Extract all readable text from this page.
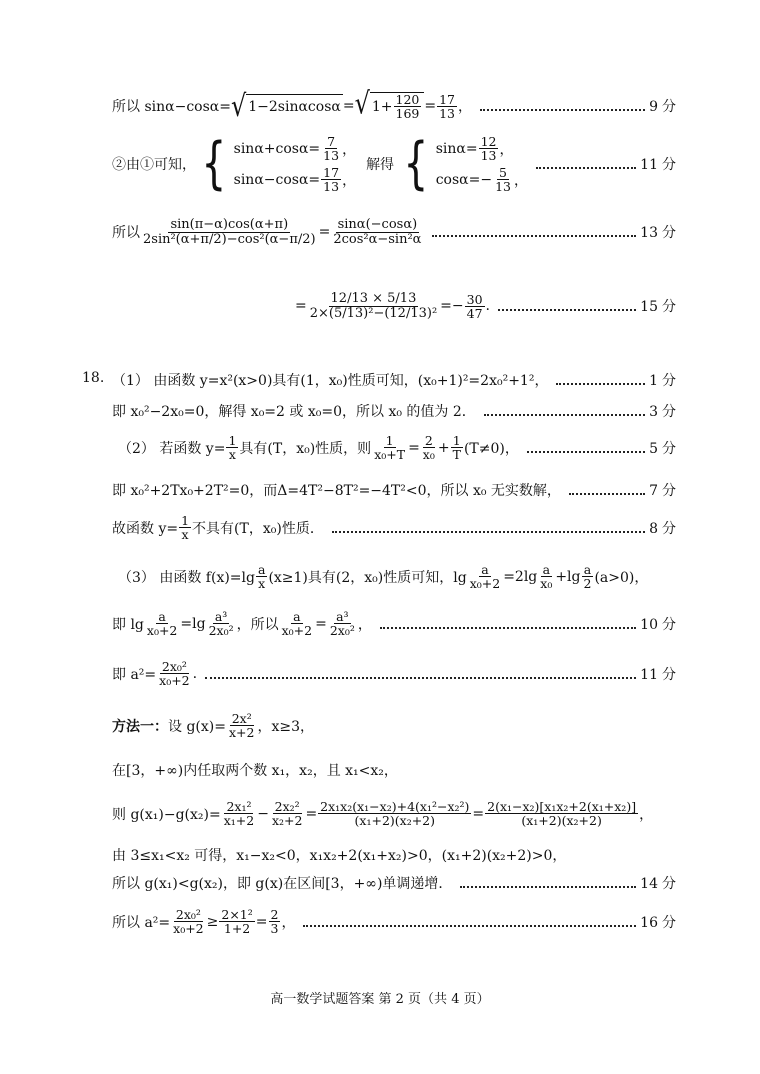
所以 sinα−cosα= √ 1−2sinαcosα = √ $1+ \frac{120}{169} = \frac{17}{13}$ ，	9 分
②由①可知， { $\sin\alpha+\cos\alpha= \frac{7}{13}$ ，
$\sin\alpha-\cos\alpha= \frac{17}{13}$ ，
解得 { $\sin\alpha= \frac{12}{13}$ ，
$\cos\alpha=- \frac{5}{13}$ ，
11 分
所以 $\frac{\sin(\pi-\alpha)\cos(\alpha+\pi)}{\text{2sin²(α+π/2)−cos²(α−π/2)}} = \frac{\sin\alpha(-\cos\alpha)}{\text{2cos²α−sin²α}}$	13 分
= $\frac{12/13 \times 5/13}{\text{2×(5/13)²−(12/13)²}} =- \frac{30}{47}$ .	15 分
18. （1） 由函数 y=x²(x>0)具有(1，x₀)性质可知，(x₀+1)²=2x₀²+1²，	1 分
即 x₀²−2x₀=0，解得 x₀=2 或 x₀=0，所以 x₀ 的值为 2．	3 分
（2） 若函数 $y= \frac{1}{x}$ 具有(T，x₀)性质，则 $\frac{1}{\text{x₀+T}} = \frac{2}{\text{x₀}} + \frac{1}{T} (T\ne 0)$，	5 分
即 x₀²+2Tx₀+2T²=0，而Δ=4T²−8T²=−4T²<0，所以 x₀ 无实数解，	7 分
故函数 $y= \frac{1}{x}$ 不具有(T，x₀)性质．	8 分
（3） 由函数 $f(x)=\lg \frac{a}{x} (x\ge 1)$具有(2，x₀)性质可知，$\lg \frac{a}{\text{x₀+2}} =2\lg \frac{a}{\text{x₀}} +\lg \frac{a}{2} (a>0)$，
即 $\lg \frac{a}{\text{x₀+2}} =\lg \frac{\text{a³}}{\text{2x₀²}}$ ，所以 $\frac{a}{\text{x₀+2}} = \frac{\text{a³}}{\text{2x₀²}}$ ，	10 分
即 $a^2= \frac{\text{2x₀²}}{\text{x₀+2}}$ .	11 分
方法一： 设 $g(x)= \frac{\text{2x²}}{x+2}$ ，x≥3，
在[3，+∞)内任取两个数 x₁，x₂，且 x₁<x₂，
则 $g(x_1)-g(x_2)= \frac{\text{2x₁²}}{\text{x₁+2}} - \frac{\text{2x₂²}}{\text{x₂+2}} = \frac{\text{2x₁x₂(x₁−x₂)+4(x₁²−x₂²)}}{\text{(x₁+2)(x₂+2)}} = \frac{\text{2(x₁−x₂)[x₁x₂+2(x₁+x₂)]}}{\text{(x₁+2)(x₂+2)}}$ ，
由 3≤x₁<x₂ 可得，x₁−x₂<0，x₁x₂+2(x₁+x₂)>0，(x₁+2)(x₂+2)>0，
所以 g(x₁)<g(x₂)，即 g(x)在区间[3，+∞)单调递增．	14 分
所以 $a^2= \frac{\text{2x₀²}}{\text{x₀+2}} \ge \frac{\text{2×1²}}{1+2} = \frac{2}{3}$ ，	16 分
高一数学试题答案 第 2 页（共 4 页）
